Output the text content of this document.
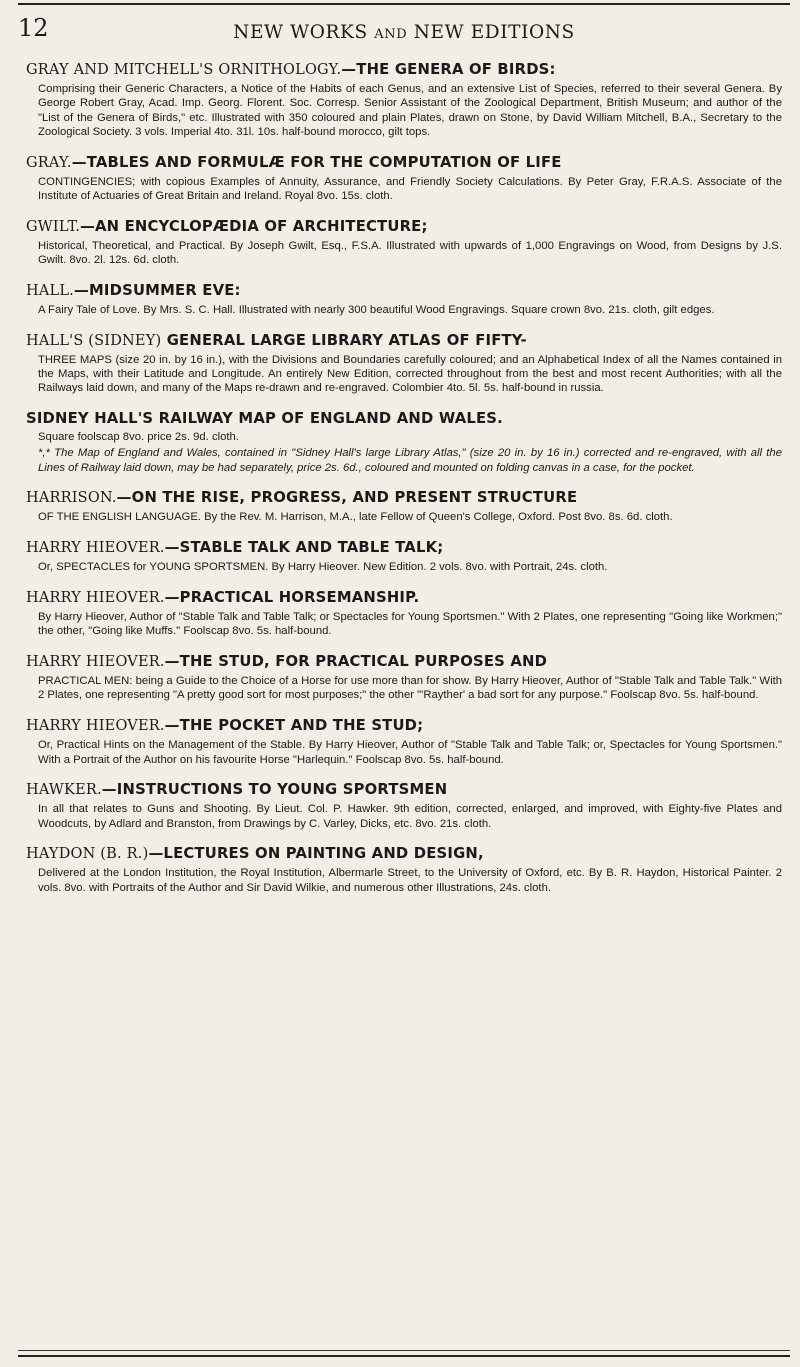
12	NEW WORKS AND NEW EDITIONS
GRAY AND MITCHELL'S ORNITHOLOGY.—THE GENERA OF BIRDS:
Comprising their Generic Characters, a Notice of the Habits of each Genus, and an extensive List of Species, referred to their several Genera. By George Robert Gray, Acad. Imp. Georg. Florent. Soc. Corresp. Senior Assistant of the Zoological Department, British Museum; and author of the "List of the Genera of Birds," etc. Illustrated with 350 coloured and plain Plates, drawn on Stone, by David William Mitchell, B.A., Secretary to the Zoological Society. 3 vols. Imperial 4to. 31l. 10s. half-bound morocco, gilt tops.
GRAY.—TABLES AND FORMULÆ FOR THE COMPUTATION OF LIFE
CONTINGENCIES; with copious Examples of Annuity, Assurance, and Friendly Society Calculations. By Peter Gray, F.R.A.S. Associate of the Institute of Actuaries of Great Britain and Ireland. Royal 8vo. 15s. cloth.
GWILT.—AN ENCYCLOPÆDIA OF ARCHITECTURE;
Historical, Theoretical, and Practical. By Joseph Gwilt, Esq., F.S.A. Illustrated with upwards of 1,000 Engravings on Wood, from Designs by J.S. Gwilt. 8vo. 2l. 12s. 6d. cloth.
HALL.—MIDSUMMER EVE:
A Fairy Tale of Love. By Mrs. S. C. Hall. Illustrated with nearly 300 beautiful Wood Engravings. Square crown 8vo. 21s. cloth, gilt edges.
HALL'S (SIDNEY) GENERAL LARGE LIBRARY ATLAS OF FIFTY-
THREE MAPS (size 20 in. by 16 in.), with the Divisions and Boundaries carefully coloured; and an Alphabetical Index of all the Names contained in the Maps, with their Latitude and Longitude. An entirely New Edition, corrected throughout from the best and most recent Authorities; with all the Railways laid down, and many of the Maps re-drawn and re-engraved. Colombier 4to. 5l. 5s. half-bound in russia.
SIDNEY HALL'S RAILWAY MAP OF ENGLAND AND WALES.
Square foolscap 8vo. price 2s. 9d. cloth.
*,* The Map of England and Wales, contained in "Sidney Hall's large Library Atlas," (size 20 in. by 16 in.) corrected and re-engraved, with all the Lines of Railway laid down, may be had separately, price 2s. 6d., coloured and mounted on folding canvas in a case, for the pocket.
HARRISON.—ON THE RISE, PROGRESS, AND PRESENT STRUCTURE
OF THE ENGLISH LANGUAGE. By the Rev. M. Harrison, M.A., late Fellow of Queen's College, Oxford. Post 8vo. 8s. 6d. cloth.
HARRY HIEOVER.—STABLE TALK AND TABLE TALK;
Or, SPECTACLES for YOUNG SPORTSMEN. By Harry Hieover. New Edition. 2 vols. 8vo. with Portrait, 24s. cloth.
HARRY HIEOVER.—PRACTICAL HORSEMANSHIP.
By Harry Hieover, Author of "Stable Talk and Table Talk; or Spectacles for Young Sportsmen." With 2 Plates, one representing "Going like Workmen;" the other, "Going like Muffs." Foolscap 8vo. 5s. half-bound.
HARRY HIEOVER.—THE STUD, FOR PRACTICAL PURPOSES AND
PRACTICAL MEN: being a Guide to the Choice of a Horse for use more than for show. By Harry Hieover, Author of "Stable Talk and Table Talk." With 2 Plates, one representing "A pretty good sort for most purposes;" the other "'Rayther' a bad sort for any purpose." Foolscap 8vo. 5s. half-bound.
HARRY HIEOVER.—THE POCKET AND THE STUD;
Or, Practical Hints on the Management of the Stable. By Harry Hieover, Author of "Stable Talk and Table Talk; or, Spectacles for Young Sportsmen." With a Portrait of the Author on his favourite Horse "Harlequin." Foolscap 8vo. 5s. half-bound.
HAWKER.—INSTRUCTIONS TO YOUNG SPORTSMEN
In all that relates to Guns and Shooting. By Lieut. Col. P. Hawker. 9th edition, corrected, enlarged, and improved, with Eighty-five Plates and Woodcuts, by Adlard and Branston, from Drawings by C. Varley, Dicks, etc. 8vo. 21s. cloth.
HAYDON (B. R.)—LECTURES ON PAINTING AND DESIGN,
Delivered at the London Institution, the Royal Institution, Albermarle Street, to the University of Oxford, etc. By B. R. Haydon, Historical Painter. 2 vols. 8vo. with Portraits of the Author and Sir David Wilkie, and numerous other Illustrations, 24s. cloth.
